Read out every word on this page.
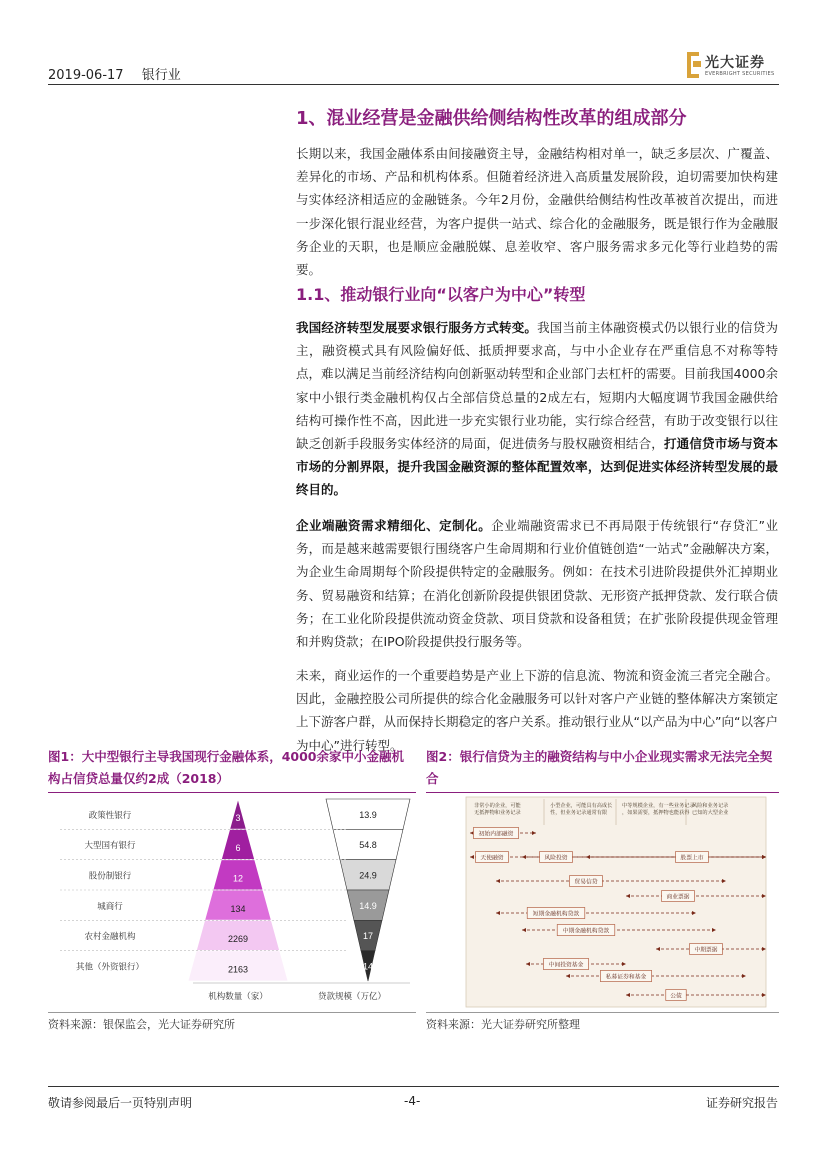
2019-06-17 银行业
光大证券
EVERBRIGHT SECURITIES
1、混业经营是金融供给侧结构性改革的组成部分
长期以来，我国金融体系由间接融资主导，金融结构相对单一，缺乏多层次、广覆盖、差异化的市场、产品和机构体系。但随着经济进入高质量发展阶段，迫切需要加快构建与实体经济相适应的金融链条。今年2月份，金融供给侧结构性改革被首次提出，而进一步深化银行混业经营，为客户提供一站式、综合化的金融服务，既是银行作为金融服务企业的天职，也是顺应金融脱媒、息差收窄、客户服务需求多元化等行业趋势的需要。
1.1、推动银行业向“以客户为中心”转型
我国经济转型发展要求银行服务方式转变。我国当前主体融资模式仍以银行业的信贷为主，融资模式具有风险偏好低、抵质押要求高，与中小企业存在严重信息不对称等特点，难以满足当前经济结构向创新驱动转型和企业部门去杠杆的需要。目前我国4000余家中小银行类金融机构仅占全部信贷总量的2成左右，短期内大幅度调节我国金融供给结构可操作性不高，因此进一步充实银行业功能，实行综合经营，有助于改变银行以往缺乏创新手段服务实体经济的局面，促进债务与股权融资相结合，打通信贷市场与资本市场的分割界限，提升我国金融资源的整体配置效率，达到促进实体经济转型发展的最终目的。
企业端融资需求精细化、定制化。企业端融资需求已不再局限于传统银行“存贷汇”业务，而是越来越需要银行围绕客户生命周期和行业价值链创造“一站式”金融解决方案，为企业生命周期每个阶段提供特定的金融服务。例如：在技术引进阶段提供外汇掉期业务、贸易融资和结算；在消化创新阶段提供银团贷款、无形资产抵押贷款、发行联合债务；在工业化阶段提供流动资金贷款、项目贷款和设备租赁；在扩张阶段提供现金管理和并购贷款；在IPO阶段提供投行服务等。
未来，商业运作的一个重要趋势是产业上下游的信息流、物流和资金流三者完全融合。因此，金融控股公司所提供的综合化金融服务可以针对客户产业链的整体解决方案锁定上下游客户群，从而保持长期稳定的客户关系。推动银行业从“以产品为中心”向“以客户为中心”进行转型。
图1：大中型银行主导我国现行金融体系，4000余家中小金融机构占信贷总量仅约2成（2018）
图2：银行信贷为主的融资结构与中小企业现实需求无法完全契合
3	13.9
政策性银行
6	54.8
大型国有银行
12	24.9
股份制银行
134	14.9
城商行
2269	17
农村金融机构
2163	14
其他（外资银行）
机构数量（家）	贷款规模（万亿）
非常小的企业，可能无抵押物和业务记录
小型企业，可能具有高成长性，但业务记录通常有限
中等规模企业，有一些业务记录，如果需要，抵押物也能获得
风险和业务记录已知的大型企业
初始内部融资
天使融资	风险投资	股票上市
贸易信贷
商业票据
短期金融机构贷款
中期金融机构贷款
中期票据
中间投资基金
私募证券和基金
公债
资料来源：银保监会，光大证券研究所	资料来源：光大证券研究所整理
敬请参阅最后一页特别声明	-4-	证券研究报告
